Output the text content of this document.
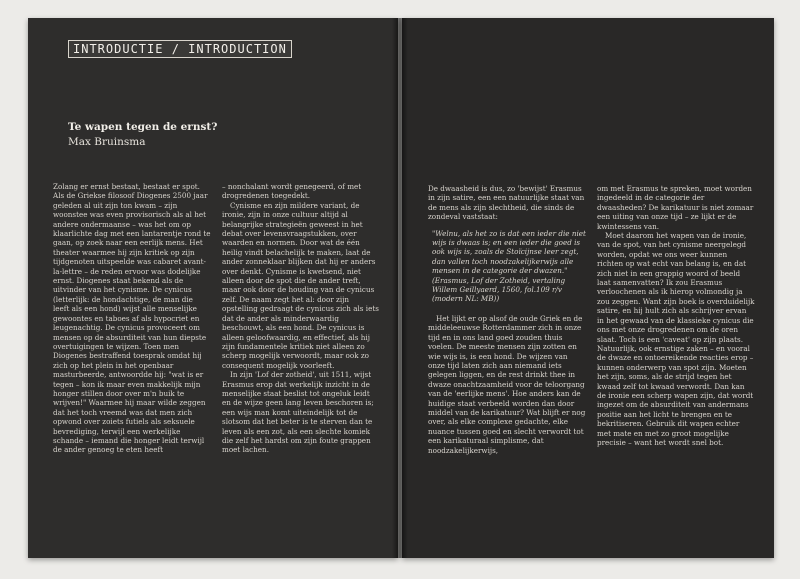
INTRODUCTIE / INTRODUCTION
Te wapen tegen de ernst?
Max Bruinsma

Zolang er ernst bestaat, bestaat er spot. Als de Griekse filosoof Diogenes 2500 jaar geleden al uit zijn ton kwam – zijn woonstee was even provisorisch als al het andere ondermaanse – was het om op klaarlichte dag met een lantarentje rond te gaan, op zoek naar een eerlijk mens. Het theater waarmee hij zijn kritiek op zijn tijdgenoten uitspeelde was cabaret avant-la-lettre – de reden ervoor was dodelijke ernst. Diogenes staat bekend als de uitvinder van het cynisme. De cynicus (letterlijk: de hondachtige, de man die leeft als een hond) wijst alle menselijke gewoontes en taboes af als hypocriet en leugenachtig. De cynicus provoceert om mensen op de absurditeit van hun diepste overtuigingen te wijzen. Toen men Diogenes bestraffend toesprak omdat hij zich op het plein in het openbaar masturbeerde, antwoordde hij: "wat is er tegen – kon ik maar even makkelijk mijn honger stillen door over m'n buik te wrijven!" Waarmee hij maar wilde zeggen dat het toch vreemd was dat men zich opwond over zoiets futiels als seksuele bevrediging, terwijl een werkelijke schande – iemand die honger leidt terwijl de ander genoeg te eten heeft

– nonchalant wordt genegeerd, of met drogredenen toegedekt.

Cynisme en zijn mildere variant, de ironie, zijn in onze cultuur altijd al belangrijke strategieën geweest in het debat over levensvraagstukken, over waarden en normen. Door wat de één heilig vindt belachelijk te maken, laat de ander zonneklaar blijken dat hij er anders over denkt. Cynisme is kwetsend, niet alleen door de spot die de ander treft, maar ook door de houding van de cynicus zelf. De naam zegt het al: door zijn opstelling gedraagt de cynicus zich als iets dat de ander als minderwaardig beschouwt, als een hond. De cynicus is alleen geloofwaardig, en effectief, als hij zijn fundamentele kritiek niet alleen zo scherp mogelijk verwoordt, maar ook zo consequent mogelijk voorleeft.

In zijn 'Lof der zotheid', uit 1511, wijst Erasmus erop dat werkelijk inzicht in de menselijke staat beslist tot ongeluk leidt en de wijze geen lang leven beschoren is; een wijs man komt uiteindelijk tot de slotsom dat het beter is te sterven dan te leven als een zot, als een slechte komiek die zelf het hardst om zijn foute grappen moet lachen.

De dwaasheid is dus, zo 'bewijst' Erasmus in zijn satire, een een natuurlijke staat van de mens als zijn slechtheid, die sinds de zondeval vaststaat:

"Welnu, als het zo is dat een ieder die niet wijs is dwaas is; en een ieder die goed is ook wijs is, zoals de Stoïcijnse leer zegt, dan vallen toch noodzakelijkerwijs alle mensen in de categorie der dwazen." (Erasmus, Lof der Zotheid, vertaling Willem Geillyaerd, 1560, fol.109 r/v (modern NL: MB))

Het lijkt er op alsof de oude Griek en de middeleeuwse Rotterdammer zich in onze tijd en in ons land goed zouden thuis voelen. De meeste mensen zijn zotten en wie wijs is, is een hond. De wijzen van onze tijd laten zich aan niemand iets gelegen liggen, en de rest drinkt thee in dwaze onachtzaamheid voor de teloorgang van de 'eerlijke mens'. Hoe anders kan de huidige staat verbeeld worden dan door middel van de karikatuur? Wat blijft er nog over, als elke complexe gedachte, elke nuance tussen goed en slecht verwordt tot een karikaturaal simplisme, dat noodzakelijkerwijs,

om met Erasmus te spreken, moet worden ingedeeld in de categorie der dwaasheden? De karikatuur is niet zomaar een uiting van onze tijd – ze lijkt er de kwintessens van.

Moet daarom het wapen van de ironie, van de spot, van het cynisme neergelegd worden, opdat we ons weer kunnen richten op wat echt van belang is, en dat zich niet in een grappig woord of beeld laat samenvatten? Ik zou Erasmus verloochenen als ik hierop volmondig ja zou zeggen. Want zijn boek is overduidelijk satire, en hij hult zich als schrijver ervan in het gewaad van de klassieke cynicus die ons met onze drogredenen om de oren slaat. Toch is een 'caveat' op zijn plaats. Natuurlijk, ook ernstige zaken – en vooral de dwaze en ontoereikende reacties erop – kunnen onderwerp van spot zijn. Moeten het zijn, soms, als de strijd tegen het kwaad zelf tot kwaad verwordt. Dan kan de ironie een scherp wapen zijn, dat wordt ingezet om de absurditeit van andermans positie aan het licht te brengen en te bekritiseren. Gebruik dit wapen echter met mate en met zo groot mogelijke precisie – want het wordt snel bot.
